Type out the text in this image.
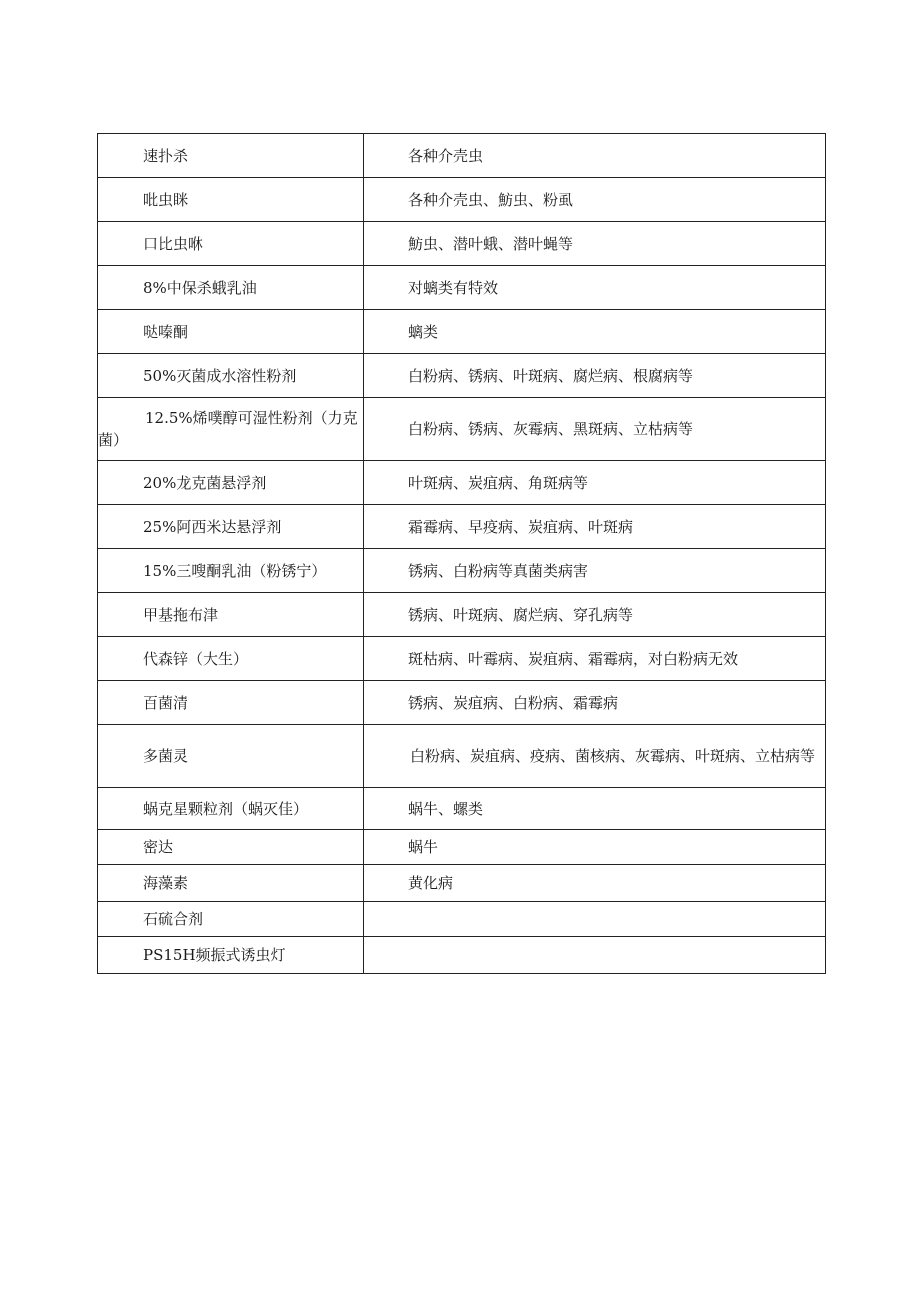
速扑杀	各种介壳虫

吡虫眯	各种介壳虫、魴虫、粉虱

口比虫咻	魴虫、潜叶蛾、潜叶蝇等

8%中保杀蛾乳油	对螭类有特效

哒嗪酮	螭类

50%灭菌成水溶性粉剂	白粉病、锈病、叶斑病、腐烂病、根腐病等

12.5%烯噗醇可湿性粉剂（力克菌）	白粉病、锈病、灰霉病、黑斑病、立枯病等

20%龙克菌悬浮剂	叶斑病、炭疽病、角斑病等

25%阿西米达悬浮剂	霜霉病、早疫病、炭疽病、叶斑病

15%三嗖酮乳油（粉锈宁）	锈病、白粉病等真菌类病害

甲基拖布津	锈病、叶斑病、腐烂病、穿孔病等

代森锌（大生）	斑枯病、叶霉病、炭疽病、霜霉病，对白粉病无效

百菌清	锈病、炭疽病、白粉病、霜霉病

多菌灵	白粉病、炭疽病、疫病、菌核病、灰霉病、叶斑病、立枯病等

蜗克星颗粒剂（蜗灭佳）	蜗牛、螺类

密达	蜗牛

海藻素	黄化病

石硫合剂	

PS15H频振式诱虫灯	
